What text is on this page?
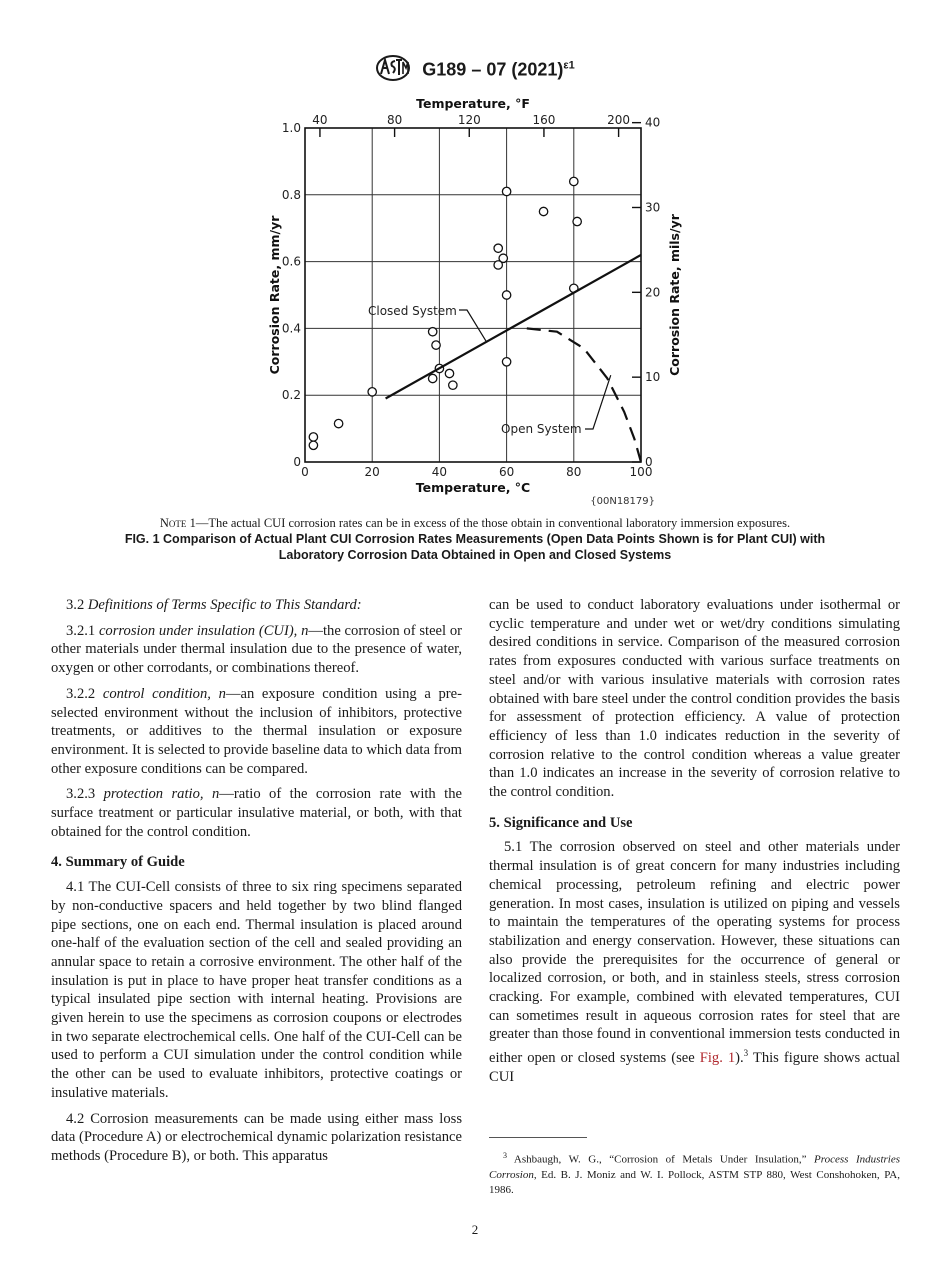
G189 – 07 $(2021)^{\varepsilon 1}$
0	20	40	60	80	100
0
0.2
0.4
0.6
0.8
1.0
40	80	120	160	200
0
10
20
30
40
Temperature, °C
Temperature, °F
Corrosion Rate, mm/yr	Corrosion Rate, mils/yr
{00N18179}
Closed System
Open System
Note 1—The actual CUI corrosion rates can be in excess of the those obtain in conventional laboratory immersion exposures.
FIG. 1 Comparison of Actual Plant CUI Corrosion Rates Measurements (Open Data Points Shown is for Plant CUI) with
Laboratory Corrosion Data Obtained in Open and Closed Systems

3.2 Definitions of Terms Specific to This Standard:

3.2.1 corrosion under insulation (CUI), n—the corrosion of steel or other materials under thermal insulation due to the presence of water, oxygen or other corrodants, or combinations thereof.

3.2.2 control condition, n—an exposure condition using a pre-selected environment without the inclusion of inhibitors, protective treatments, or additives to the thermal insulation or exposure environment. It is selected to provide baseline data to which data from other exposure conditions can be compared.

3.2.3 protection ratio, n—ratio of the corrosion rate with the surface treatment or particular insulative material, or both, with that obtained for the control condition.

4. Summary of Guide

4.1 The CUI-Cell consists of three to six ring specimens separated by non-conductive spacers and held together by two blind flanged pipe sections, one on each end. Thermal insulation is placed around one-half of the evaluation section of the cell and sealed providing an annular space to retain a corrosive environment. The other half of the insulation is put in place to have proper heat transfer conditions as a typical insulated pipe section with internal heating. Provisions are given herein to use the specimens as corrosion coupons or electrodes in two separate electrochemical cells. One half of the CUI-Cell can be used to perform a CUI simulation under the control condition while the other can be used to evaluate inhibitors, protective coatings or insulative materials.

4.2 Corrosion measurements can be made using either mass loss data (Procedure A) or electrochemical dynamic polarization resistance methods (Procedure B), or both. This apparatus

can be used to conduct laboratory evaluations under isothermal or cyclic temperature and under wet or wet/dry conditions simulating desired conditions in service. Comparison of the measured corrosion rates from exposures conducted with various surface treatments on steel and/or with various insulative materials with corrosion rates obtained with bare steel under the control condition provides the basis for assessment of protection efficiency. A value of protection efficiency of less than 1.0 indicates reduction in the severity of corrosion relative to the control condition whereas a value greater than 1.0 indicates an increase in the severity of corrosion relative to the control condition.

5. Significance and Use

5.1 The corrosion observed on steel and other materials under thermal insulation is of great concern for many industries including chemical processing, petroleum refining and electric power generation. In most cases, insulation is utilized on piping and vessels to maintain the temperatures of the operating systems for process stabilization and energy conservation. However, these situations can also provide the prerequisites for the occurrence of general or localized corrosion, or both, and in stainless steels, stress corrosion cracking. For example, combined with elevated temperatures, CUI can sometimes result in aqueous corrosion rates for steel that are greater than those found in conventional immersion tests conducted in either open or closed systems (see Fig. 1).$^3$ This figure shows actual CUI

$^3$ Ashbaugh, W. G., “Corrosion of Metals Under Insulation,” Process Industries Corrosion, Ed. B. J. Moniz and W. I. Pollock, ASTM STP 880, West Conshohoken, PA, 1986.

2
